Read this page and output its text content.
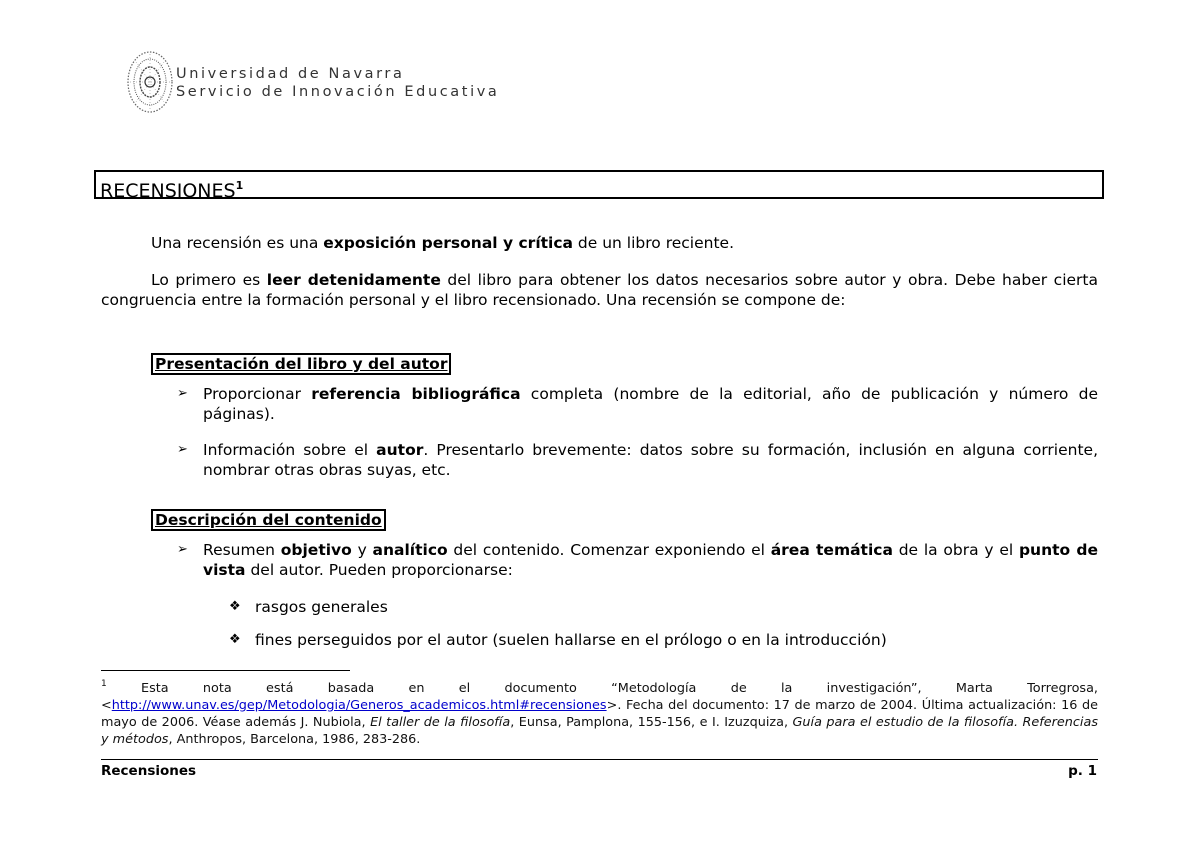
Universidad de Navarra
Servicio de Innovación Educativa
RECENSIONES$^1$
Una recensión es una exposición personal y crítica de un libro reciente.
Lo primero es leer detenidamente del libro para obtener los datos necesarios sobre autor y obra. Debe haber cierta congruencia entre la formación personal y el libro recensionado. Una recensión se compone de:
Presentación del libro y del autor
➢ Proporcionar referencia bibliográfica completa (nombre de la editorial, año de publicación y número de páginas).
➢ Información sobre el autor. Presentarlo brevemente: datos sobre su formación, inclusión en alguna corriente, nombrar otras obras suyas, etc.
Descripción del contenido
➢ Resumen objetivo y analítico del contenido. Comenzar exponiendo el área temática de la obra y el punto de vista del autor. Pueden proporcionarse:
❖ rasgos generales
❖ fines perseguidos por el autor (suelen hallarse en el prólogo o en la introducción)
$^1$ Esta nota está basada en el documento “Metodología de la investigación”, Marta Torregrosa, <http://www.unav.es/gep/Metodologia/Generos_academicos.html#recensiones>. Fecha del documento: 17 de marzo de 2004. Última actualización: 16 de mayo de 2006. Véase además J. Nubiola, El taller de la filosofía, Eunsa, Pamplona, 155-156, e I. Izuzquiza, Guía para el estudio de la filosofía. Referencias y métodos, Anthropos, Barcelona, 1986, 283-286.
Recensiones	p. 1
